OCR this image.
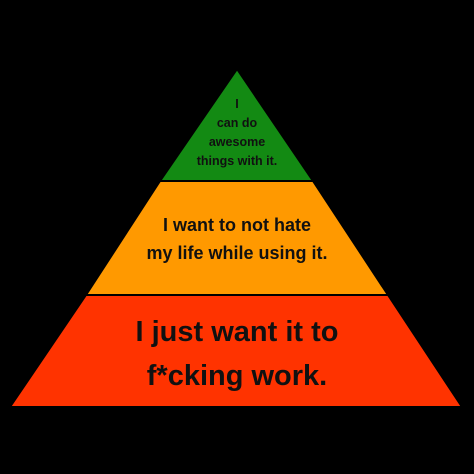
I
can do
awesome
things with it.
I want to not hate
my life while using it.
I just want it to
f*cking work.
